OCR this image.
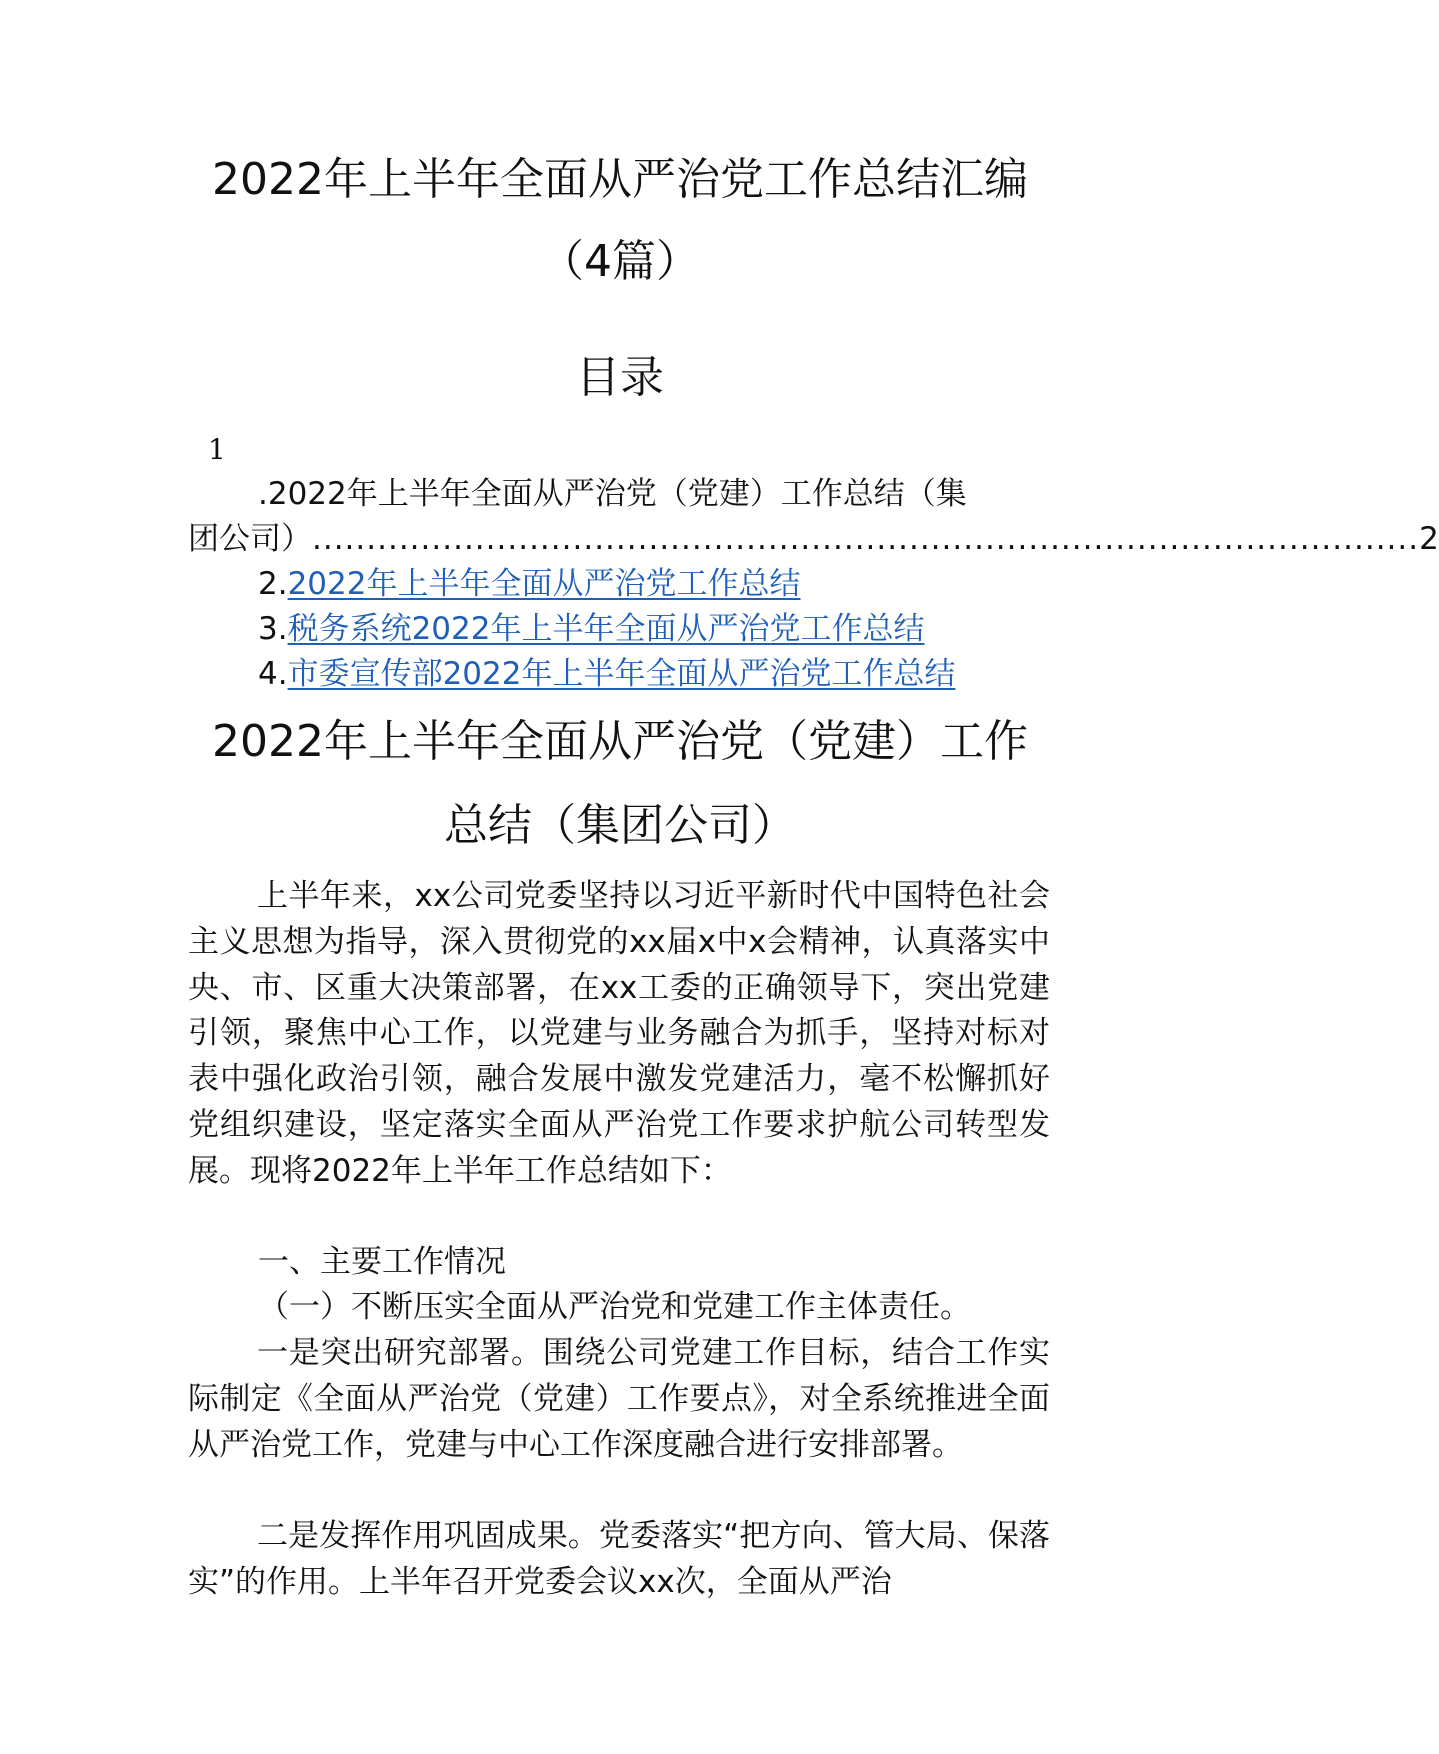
2022年上半年全面从严治党工作总结汇编
（4篇）
目录
1
.2022年上半年全面从严治党（党建）工作总结（集
团公司） ...................................................................................................... 2
2.2022年上半年全面从严治党工作总结
3.税务系统2022年上半年全面从严治党工作总结
4.市委宣传部2022年上半年全面从严治党工作总结
2022年上半年全面从严治党（党建）工作
总结（集团公司）

上半年来，xx公司党委坚持以习近平新时代中国特色社会主义思想为指导，深入贯彻党的xx届x中x会精神，认真落实中央、市、区重大决策部署，在xx工委的正确领导下，突出党建引领，聚焦中心工作，以党建与业务融合为抓手，坚持对标对表中强化政治引领，融合发展中激发党建活力，毫不松懈抓好党组织建设，坚定落实全面从严治党工作要求护航公司转型发展。现将2022年上半年工作总结如下：

一、主要工作情况
（一）不断压实全面从严治党和党建工作主体责任。

一是突出研究部署。围绕公司党建工作目标，结合工作实际制定《全面从严治党（党建）工作要点》，对全系统推进全面从严治党工作，党建与中心工作深度融合进行安排部署。

二是发挥作用巩固成果。党委落实“把方向、管大局、保落实”的作用。上半年召开党委会议xx次，全面从严治
